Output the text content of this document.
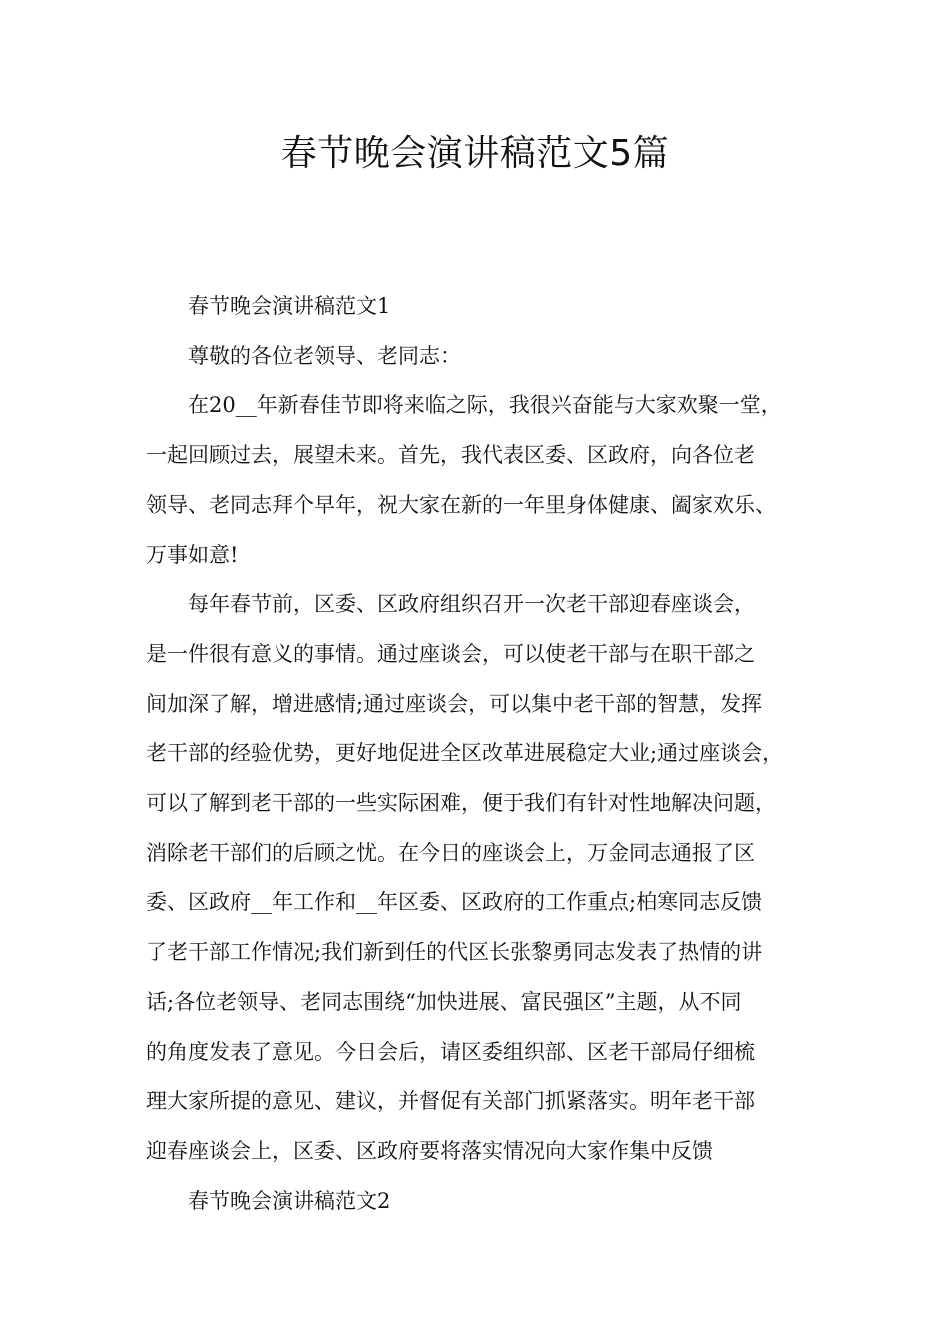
春节晚会演讲稿范文5篇

春节晚会演讲稿范文1

尊敬的各位老领导、老同志：

在20__年新春佳节即将来临之际，我很兴奋能与大家欢聚一堂，
一起回顾过去，展望未来。首先，我代表区委、区政府，向各位老
领导、老同志拜个早年，祝大家在新的一年里身体健康、阖家欢乐、
万事如意!

每年春节前，区委、区政府组织召开一次老干部迎春座谈会，
是一件很有意义的事情。通过座谈会，可以使老干部与在职干部之
间加深了解，增进感情;通过座谈会，可以集中老干部的智慧，发挥
老干部的经验优势，更好地促进全区改革进展稳定大业;通过座谈会，
可以了解到老干部的一些实际困难，便于我们有针对性地解决问题，
消除老干部们的后顾之忧。在今日的座谈会上，万金同志通报了区
委、区政府__年工作和__年区委、区政府的工作重点;柏寒同志反馈
了老干部工作情况;我们新到任的代区长张黎勇同志发表了热情的讲
话;各位老领导、老同志围绕“加快进展、富民强区”主题，从不同
的角度发表了意见。今日会后，请区委组织部、区老干部局仔细梳
理大家所提的意见、建议，并督促有关部门抓紧落实。明年老干部
迎春座谈会上，区委、区政府要将落实情况向大家作集中反馈

春节晚会演讲稿范文2
